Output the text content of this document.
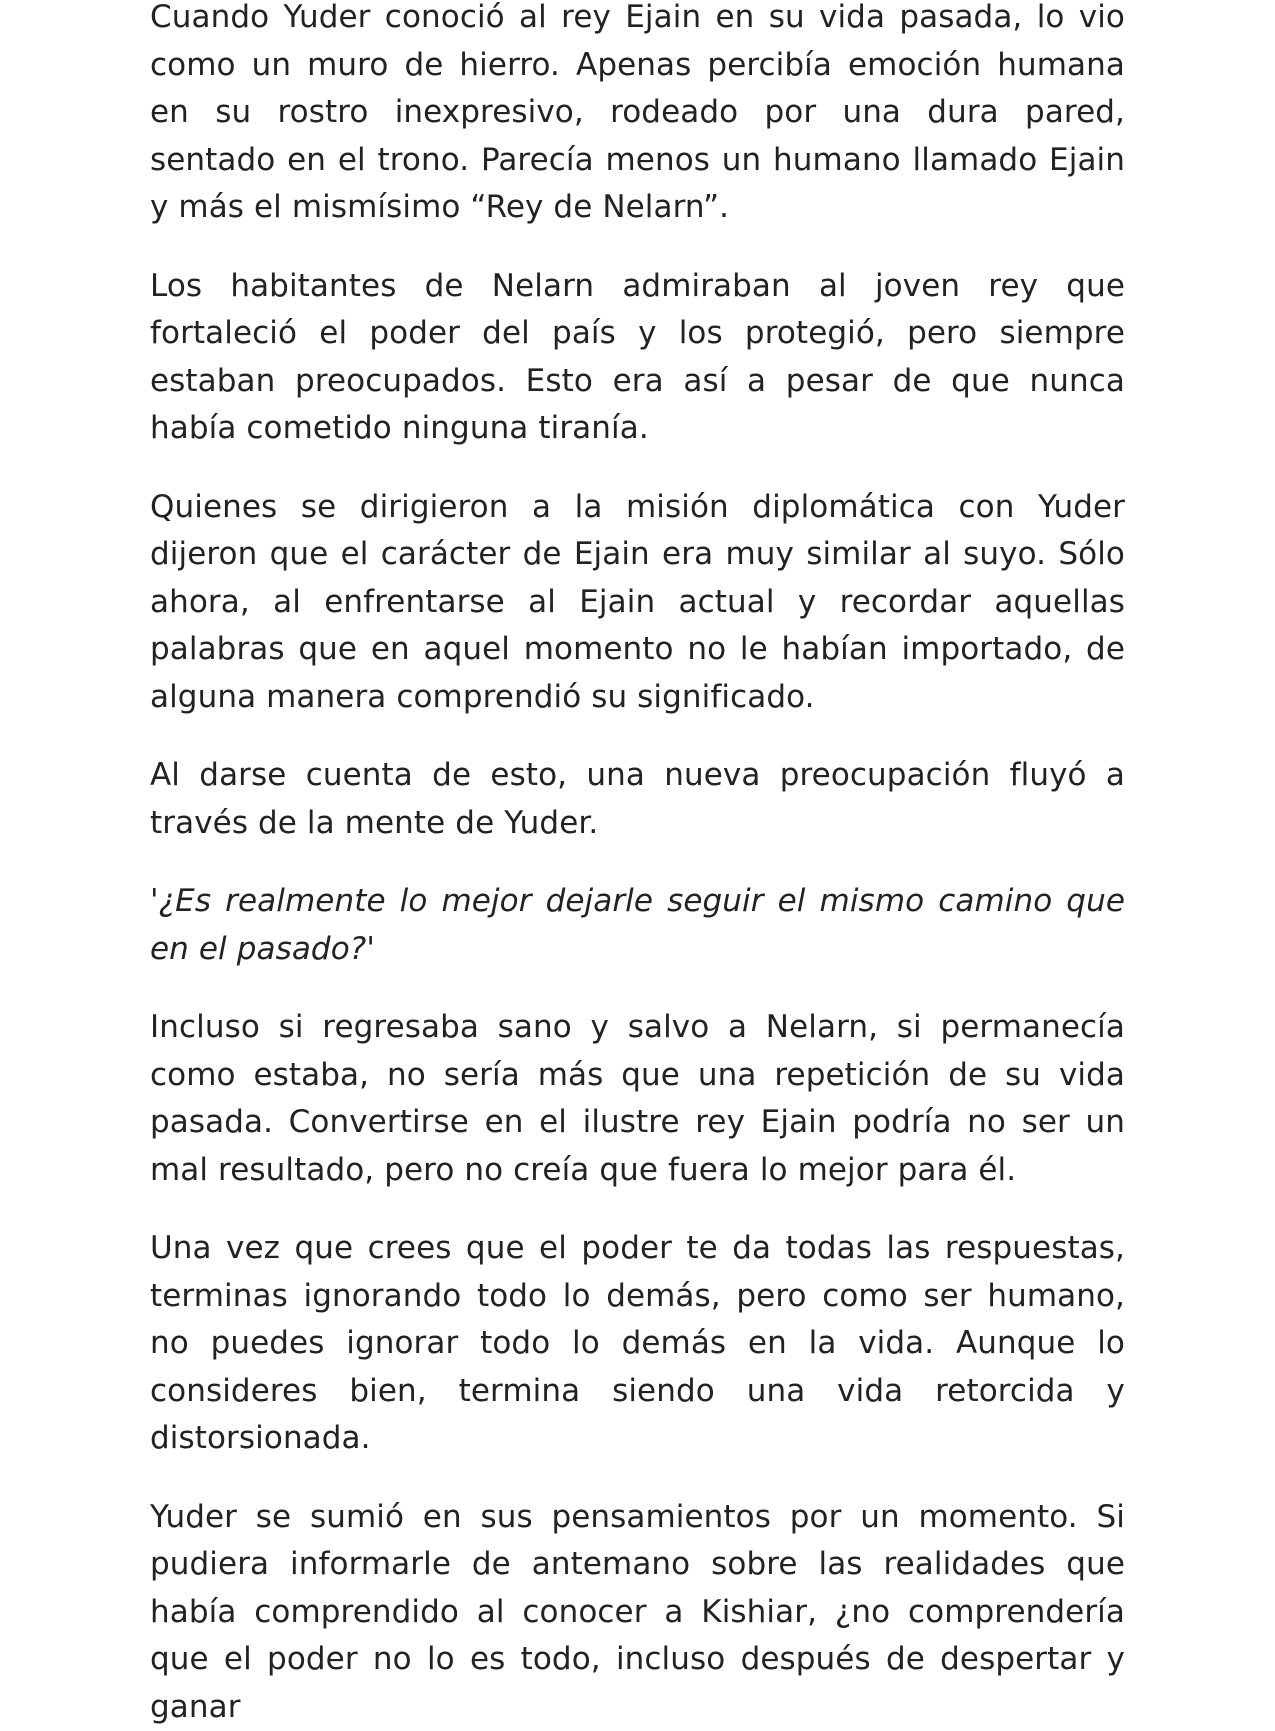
Cuando Yuder conoció al rey Ejain en su vida pasada, lo vio como un muro de hierro. Apenas percibía emoción humana en su rostro inexpresivo, rodeado por una dura pared, sentado en el trono. Parecía menos un humano llamado Ejain y más el mismísimo “Rey de Nelarn”.

Los habitantes de Nelarn admiraban al joven rey que fortaleció el poder del país y los protegió, pero siempre estaban preocupados. Esto era así a pesar de que nunca había cometido ninguna tiranía.

Quienes se dirigieron a la misión diplomática con Yuder dijeron que el carácter de Ejain era muy similar al suyo. Sólo ahora, al enfrentarse al Ejain actual y recordar aquellas palabras que en aquel momento no le habían importado, de alguna manera comprendió su significado.

Al darse cuenta de esto, una nueva preocupación fluyó a través de la mente de Yuder.

'¿Es realmente lo mejor dejarle seguir el mismo camino que en el pasado?'

Incluso si regresaba sano y salvo a Nelarn, si permanecía como estaba, no sería más que una repetición de su vida pasada. Convertirse en el ilustre rey Ejain podría no ser un mal resultado, pero no creía que fuera lo mejor para él.

Una vez que crees que el poder te da todas las respuestas, terminas ignorando todo lo demás, pero como ser humano, no puedes ignorar todo lo demás en la vida. Aunque lo consideres bien, termina siendo una vida retorcida y distorsionada.

Yuder se sumió en sus pensamientos por un momento. Si pudiera informarle de antemano sobre las realidades que había comprendido al conocer a Kishiar, ¿no comprendería que el poder no lo es todo, incluso después de despertar y ganar
